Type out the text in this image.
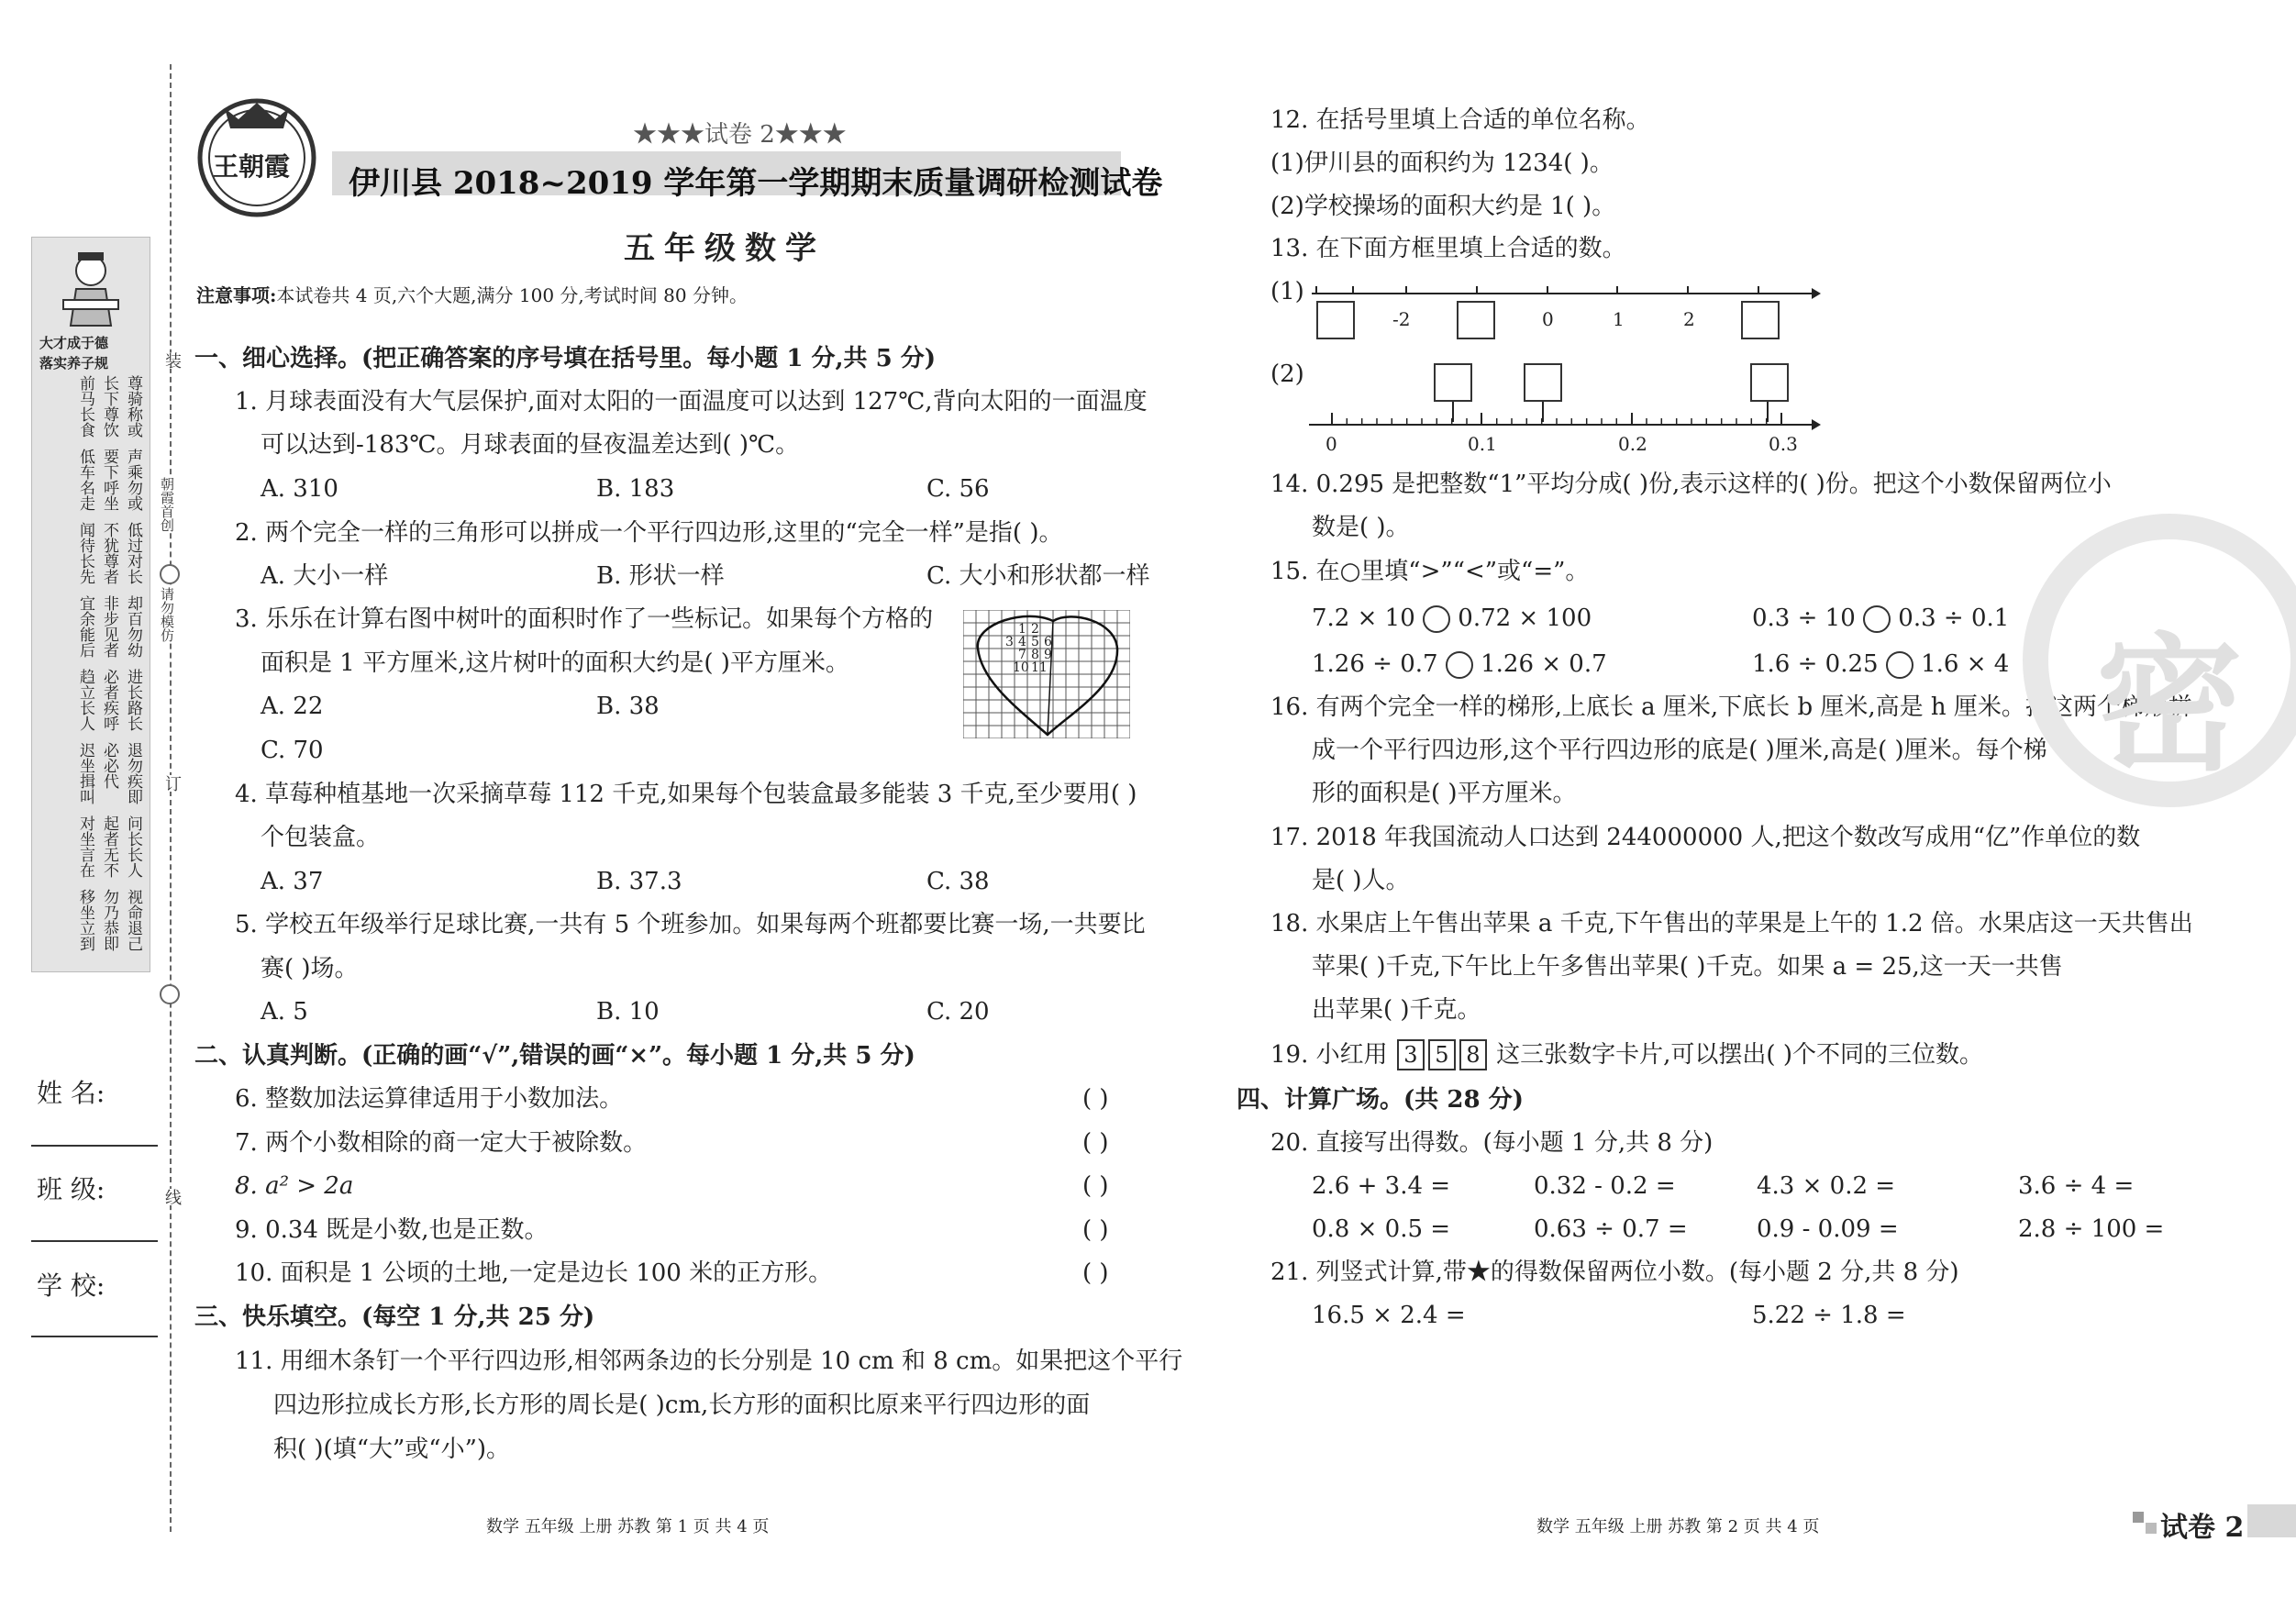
装
订
线
朝霞首创
请勿模仿
大才成于德
落实养子规
尊骑称或
长下尊饮
前马长食
声乘勿或
要下呼坐
低车名走
低过对长
不犹尊者
闻待长先
却百勿幼
非步见者
宜余能后
进长路长
必者疾呼
趋立长人
退勿疾即
必必代
迟坐揖叫
问长长人
起者无不
对坐言在
视命退己
勿乃恭即
移坐立到
姓 名:
班 级:
学 校:
王朝霞
★★★试卷 2★★★
伊川县 2018~2019 学年第一学期期末质量调研检测试卷
五年级数学
注意事项:本试卷共 4 页,六个大题,满分 100 分,考试时间 80 分钟。
一、细心选择。(把正确答案的序号填在括号里。每小题 1 分,共 5 分)
1. 月球表面没有大气层保护,面对太阳的一面温度可以达到 127℃,背向太阳的一面温度
可以达到-183℃。月球表面的昼夜温差达到( )℃。
A. 310	B. 183	C. 56
2. 两个完全一样的三角形可以拼成一个平行四边形,这里的“完全一样”是指( )。
A. 大小一样	B. 形状一样	C. 大小和形状都一样
3. 乐乐在计算右图中树叶的面积时作了一些标记。如果每个方格的
面积是 1 平方厘米,这片树叶的面积大约是( )平方厘米。
A. 22	B. 38
C. 70
1 2
3 4 5 6
7 8 9
10 11
4. 草莓种植基地一次采摘草莓 112 千克,如果每个包装盒最多能装 3 千克,至少要用( )
个包装盒。
A. 37	B. 37.3	C. 38
5. 学校五年级举行足球比赛,一共有 5 个班参加。如果每两个班都要比赛一场,一共要比
赛( )场。
A. 5	B. 10	C. 20
二、认真判断。(正确的画“√”,错误的画“×”。每小题 1 分,共 5 分)
6. 整数加法运算律适用于小数加法。	( )
7. 两个小数相除的商一定大于被除数。	( )
8. a² > 2a	( )
9. 0.34 既是小数,也是正数。	( )
10. 面积是 1 公顷的土地,一定是边长 100 米的正方形。	( )
三、快乐填空。(每空 1 分,共 25 分)
11. 用细木条钉一个平行四边形,相邻两条边的长分别是 10 cm 和 8 cm。如果把这个平行
四边形拉成长方形,长方形的周长是( )cm,长方形的面积比原来平行四边形的面
积( )(填“大”或“小”)。
数学 五年级 上册 苏教 第 1 页 共 4 页
12. 在括号里填上合适的单位名称。
(1)伊川县的面积约为 1234( )。
(2)学校操场的面积大约是 1( )。
13. 在下面方框里填上合适的数。
(1)
-2	0	1	2
(2)
0	0.1	0.2	0.3
14. 0.295 是把整数“1”平均分成( )份,表示这样的( )份。把这个小数保留两位小
数是( )。
15. 在○里填“>”“<”或“=”。
7.2 × 10 0.72 × 100	0.3 ÷ 10 0.3 ÷ 0.1
1.26 ÷ 0.7 1.26 × 0.7	1.6 ÷ 0.25 1.6 × 4
16. 有两个完全一样的梯形,上底长 a 厘米,下底长 b 厘米,高是 h 厘米。把这两个梯形拼
成一个平行四边形,这个平行四边形的底是( )厘米,高是( )厘米。每个梯
形的面积是( )平方厘米。
17. 2018 年我国流动人口达到 244000000 人,把这个数改写成用“亿”作单位的数
是( )人。
18. 水果店上午售出苹果 a 千克,下午售出的苹果是上午的 1.2 倍。水果店这一天共售出
苹果( )千克,下午比上午多售出苹果( )千克。如果 a = 25,这一天一共售
出苹果( )千克。
19. 小红用 3 5 8 这三张数字卡片,可以摆出( )个不同的三位数。
四、计算广场。(共 28 分)
20. 直接写出得数。(每小题 1 分,共 8 分)
2.6 + 3.4 =	0.32 - 0.2 =	4.3 × 0.2 =	3.6 ÷ 4 =
0.8 × 0.5 =	0.63 ÷ 0.7 =	0.9 - 0.09 =	2.8 ÷ 100 =
21. 列竖式计算,带★的得数保留两位小数。(每小题 2 分,共 8 分)
16.5 × 2.4 =	5.22 ÷ 1.8 =
密
数学 五年级 上册 苏教 第 2 页 共 4 页	试卷 2
